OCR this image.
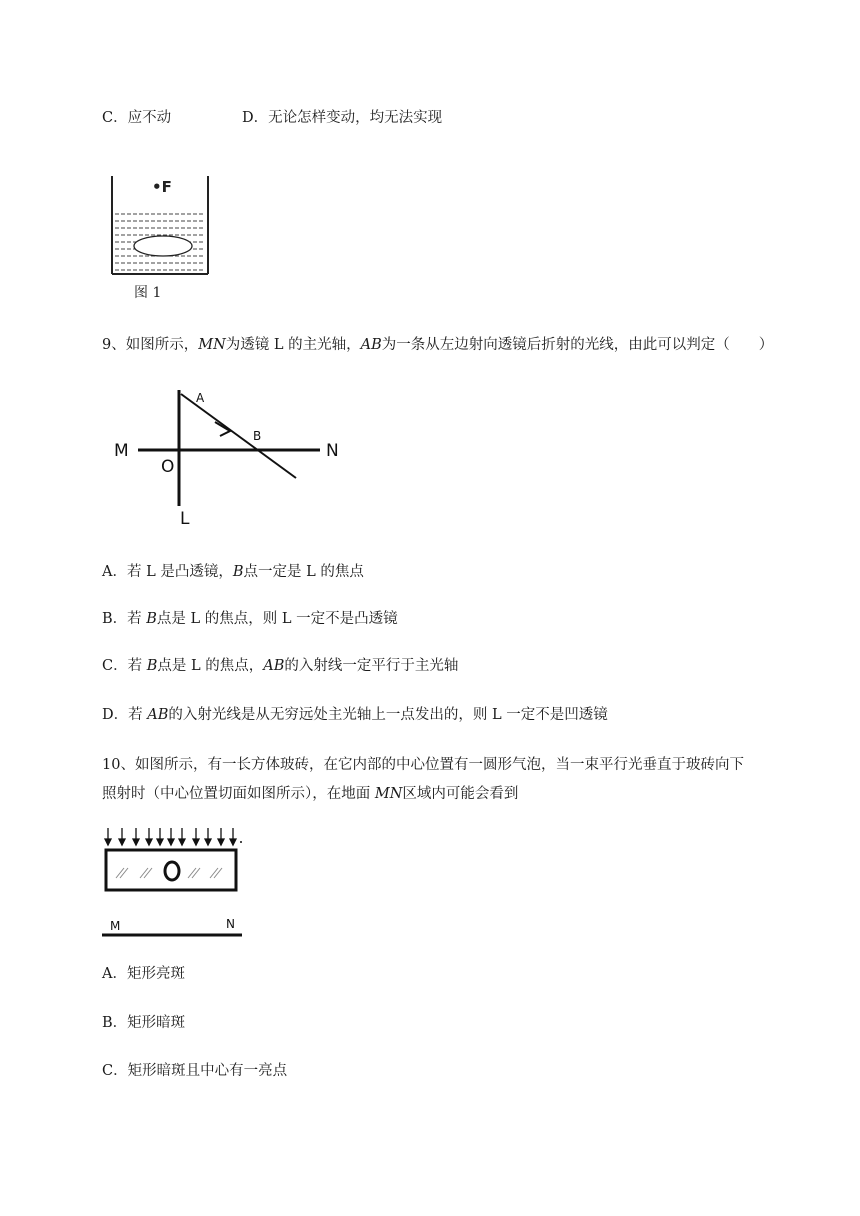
C．应不动	D．无论怎样变动，均无法实现
•F
图 1
9、如图所示，MN为透镜 L 的主光轴，AB为一条从左边射向透镜后折射的光线，由此可以判定（　　）
A
B
M	N
O
L
A．若 L 是凸透镜，B点一定是 L 的焦点
B．若 B点是 L 的焦点，则 L 一定不是凸透镜
C．若 B点是 L 的焦点，AB的入射线一定平行于主光轴
D．若 AB的入射光线是从无穷远处主光轴上一点发出的，则 L 一定不是凹透镜
10、如图所示，有一长方体玻砖，在它内部的中心位置有一圆形气泡，当一束平行光垂直于玻砖向下
照射时（中心位置切面如图所示），在地面 MN区域内可能会看到
M	N
A．矩形亮斑
B．矩形暗斑
C．矩形暗斑且中心有一亮点
